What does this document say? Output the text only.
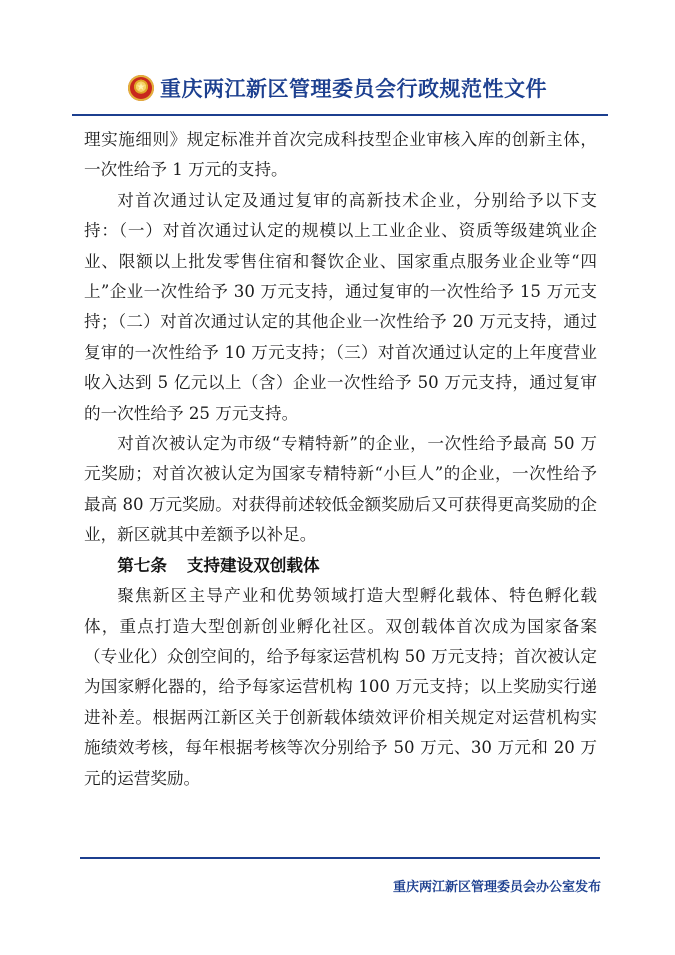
★ 重庆两江新区管理委员会行政规范性文件

理实施细则》规定标准并首次完成科技型企业审核入库的创新主体，一次性给予 1 万元的支持。

对首次通过认定及通过复审的高新技术企业，分别给予以下支持：（一）对首次通过认定的规模以上工业企业、资质等级建筑业企业、限额以上批发零售住宿和餐饮企业、国家重点服务业企业等“四上”企业一次性给予 30 万元支持，通过复审的一次性给予 15 万元支持；（二）对首次通过认定的其他企业一次性给予 20 万元支持，通过复审的一次性给予 10 万元支持；（三）对首次通过认定的上年度营业收入达到 5 亿元以上（含）企业一次性给予 50 万元支持，通过复审的一次性给予 25 万元支持。

对首次被认定为市级“专精特新”的企业，一次性给予最高 50 万元奖励；对首次被认定为国家专精特新“小巨人”的企业，一次性给予最高 80 万元奖励。对获得前述较低金额奖励后又可获得更高奖励的企业，新区就其中差额予以补足。

第七条 支持建设双创载体

聚焦新区主导产业和优势领域打造大型孵化载体、特色孵化载体，重点打造大型创新创业孵化社区。双创载体首次成为国家备案（专业化）众创空间的，给予每家运营机构 50 万元支持；首次被认定为国家孵化器的，给予每家运营机构 100 万元支持；以上奖励实行递进补差。根据两江新区关于创新载体绩效评价相关规定对运营机构实施绩效考核，每年根据考核等次分别给予 50 万元、30 万元和 20 万元的运营奖励。

重庆两江新区管理委员会办公室发布
